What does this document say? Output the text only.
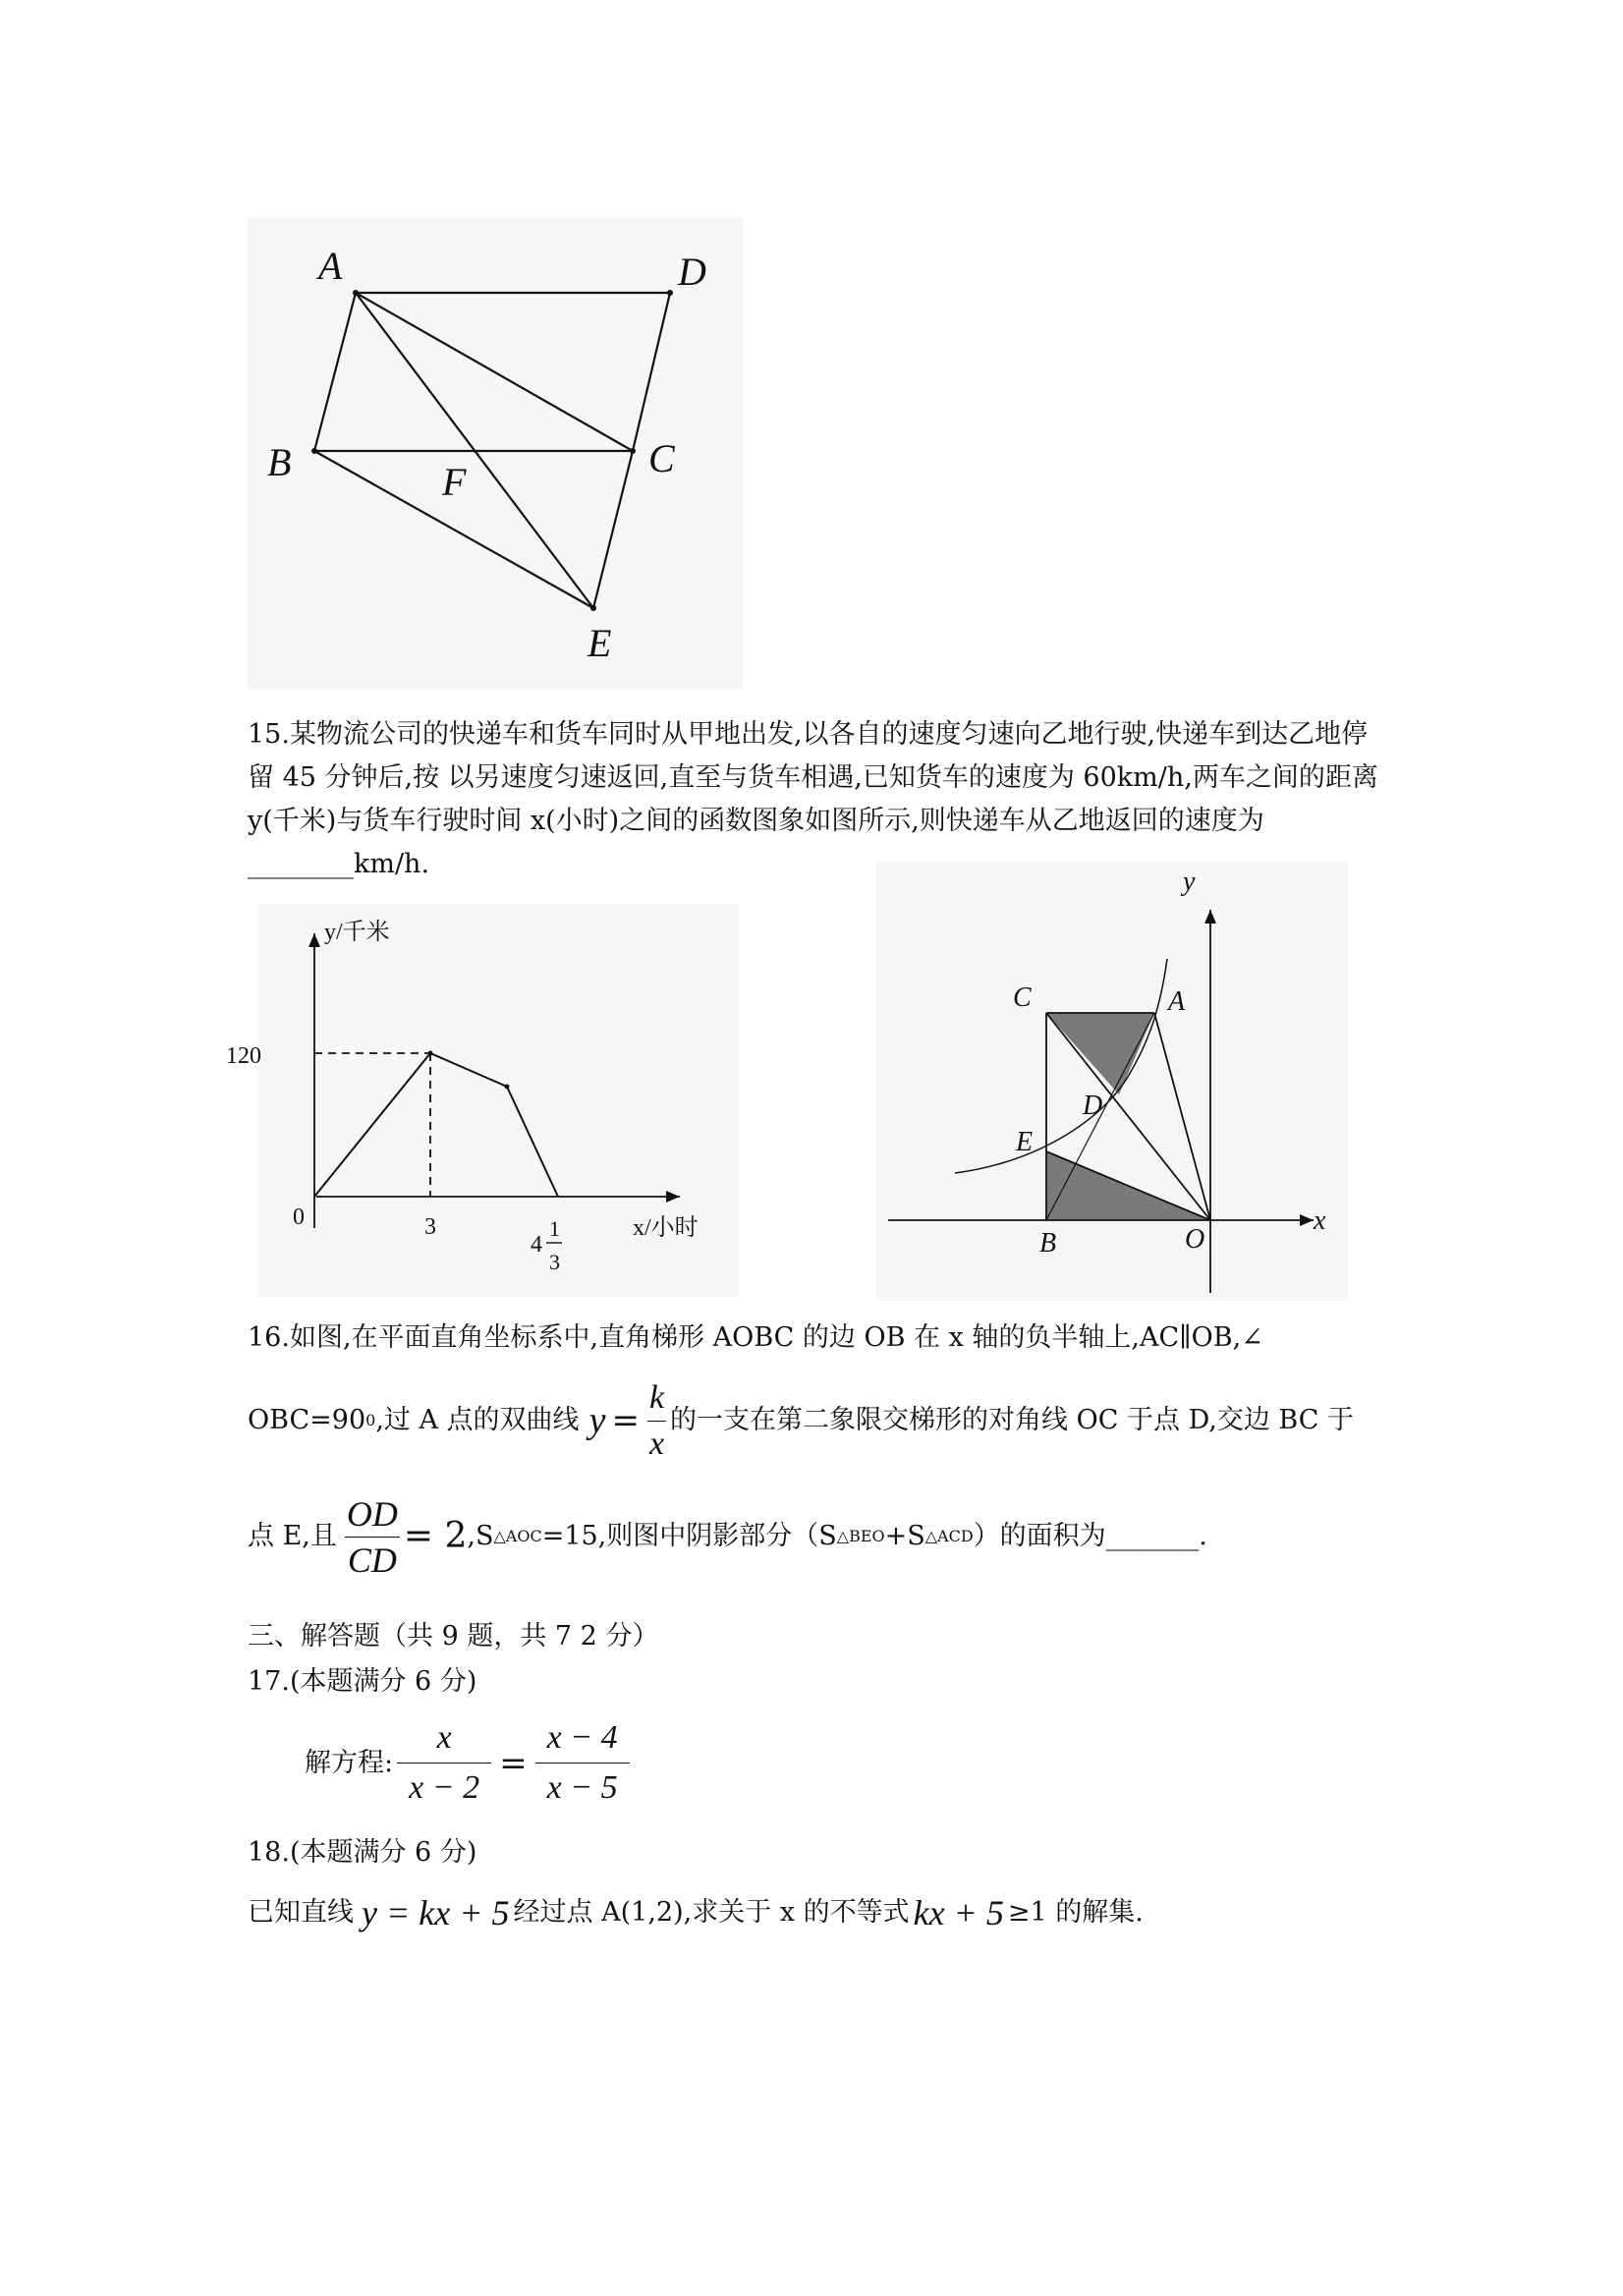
A	D
B	C
F
E
15.某物流公司的快递车和货车同时从甲地出发,以各自的速度匀速向乙地行驶,快递车到达乙地停留 45 分钟后,按 以另速度匀速返回,直至与货车相遇,已知货车的速度为 60km/h,两车之间的距离 y(千米)与货车行驶时间 x(小时)之间的函数图象如图所示,则快递车从乙地返回的速度为________km/h.
y/千米
x/小时
120
0	3
4
1
3
y
x
C	A
D
E
B	O
16.如图,在平面直角坐标系中,直角梯形 AOBC 的边 OB 在 x 轴的负半轴上,AC∥OB,∠
OBC=90 0 ,过 A 点的双曲线 $y = \frac{k}{x}$ 的一支在第二象限交梯形的对角线 OC 于点 D,交边 BC 于
点 E,且 $\frac{OD}{CD} = 2$ , S △AOC =15,则图中阴影部分（S △BEO +S △ACD ）的面积为 _______ .
三、解答题（共 9 题，共 7 2 分）
17.(本题满分 6 分)
解方程: $\frac{x}{x - 2} = \frac{x - 4}{x - 5}$
18.(本题满分 6 分)
已知直线 y = kx + 5 经过点 A(1,2),求关于 x 的不等式 kx + 5 ≥1 的解集.
